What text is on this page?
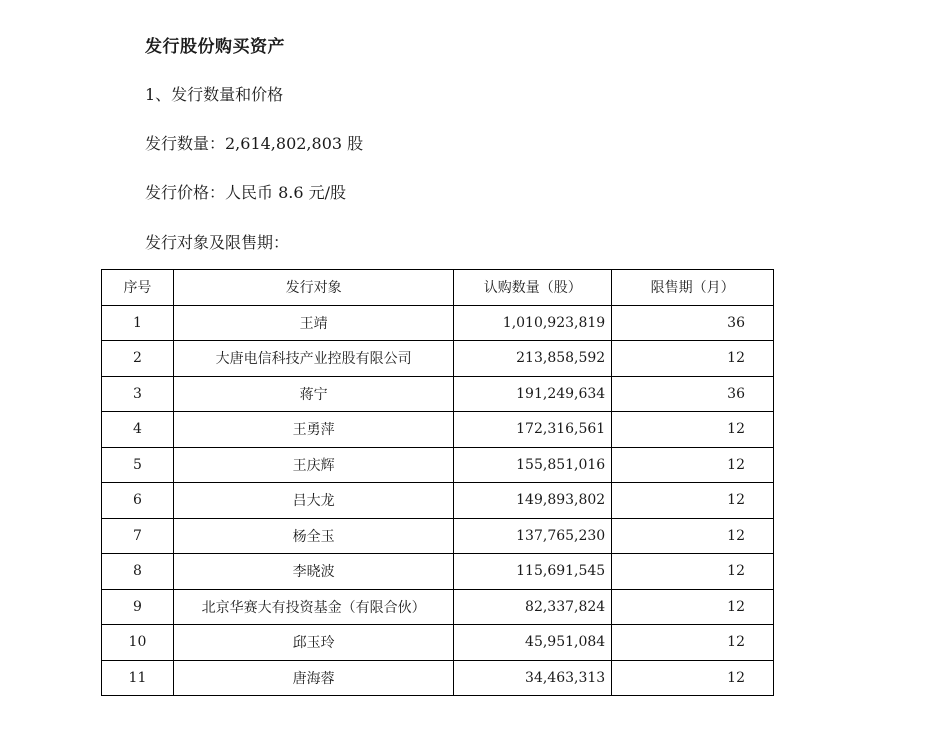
发行股份购买资产
1、发行数量和价格
发行数量：2,614,802,803 股
发行价格：人民币 8.6 元/股
发行对象及限售期：
序号	发行对象	认购数量（股）	限售期（月）
1	王靖	1,010,923,819	36
2	大唐电信科技产业控股有限公司	213,858,592	12
3	蒋宁	191,249,634	36
4	王勇萍	172,316,561	12
5	王庆辉	155,851,016	12
6	吕大龙	149,893,802	12
7	杨全玉	137,765,230	12
8	李晓波	115,691,545	12
9	北京华赛大有投资基金（有限合伙）	82,337,824	12
10	邱玉玲	45,951,084	12
11	唐海蓉	34,463,313	12
